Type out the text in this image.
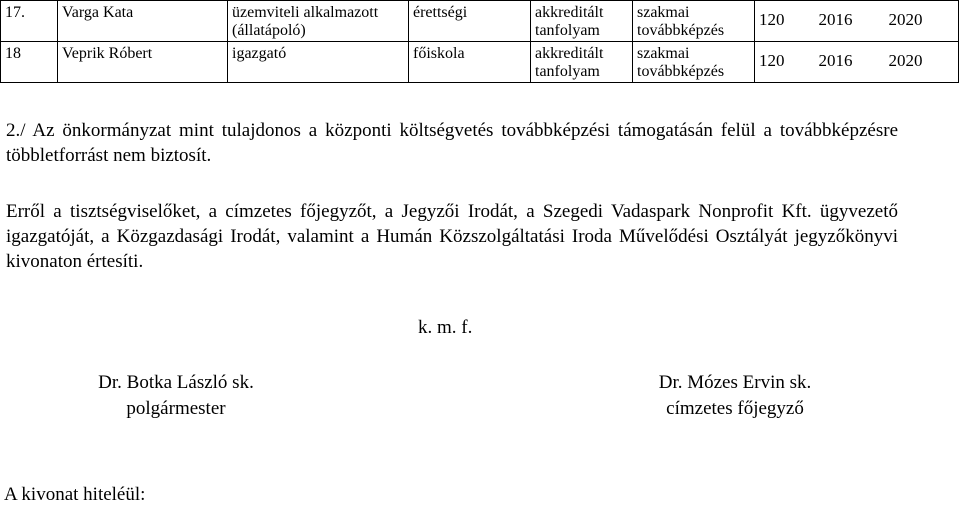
17.	Varga Kata	üzemviteli alkalmazott (állatápoló)	érettségi	akkreditált tanfolyam	szakmai továbbképzés	120	2016	2020
18	Veprik Róbert	igazgató	főiskola	akkreditált tanfolyam	szakmai továbbképzés	120	2016	2020

2./ Az önkormányzat mint tulajdonos a központi költségvetés továbbképzési támogatásán felül a továbbképzésre többletforrást nem biztosít.

Erről a tisztségviselőket, a címzetes főjegyzőt, a Jegyzői Irodát, a Szegedi Vadaspark Nonprofit Kft. ügyvezető igazgatóját, a Közgazdasági Irodát, valamint a Humán Közszolgáltatási Iroda Művelődési Osztályát jegyzőkönyvi kivonaton értesíti.

k. m. f.
Dr. Botka László sk.
polgármester
Dr. Mózes Ervin sk.
címzetes főjegyző
A kivonat hiteléül:
